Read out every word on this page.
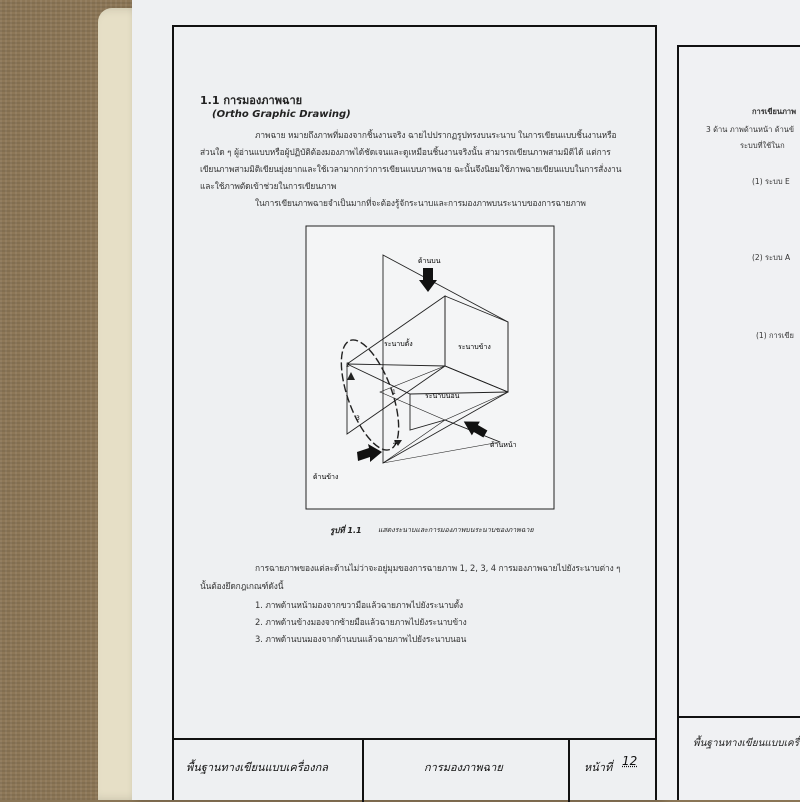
1.1 การมองภาพฉาย
(Ortho Graphic Drawing)
ภาพฉาย หมายถึงภาพที่มองจากชิ้นงานจริง ฉายไปปรากฏรูปทรงบนระนาบ ในการเขียนแบบชิ้นงานหรือ
ส่วนใด ๆ ผู้อ่านแบบหรือผู้ปฏิบัติต้องมองภาพได้ชัดเจนและดูเหมือนชิ้นงานจริงนั้น สามารถเขียนภาพสามมิติได้ แต่การ
เขียนภาพสามมิติเขียนยุ่งยากและใช้เวลามากกว่าการเขียนแบบภาพฉาย ฉะนั้นจึงนิยมใช้ภาพฉายเขียนแบบในการสั่งงาน
และใช้ภาพตัดเข้าช่วยในการเขียนภาพ
ในการเขียนภาพฉายจำเป็นมากที่จะต้องรู้จักระนาบและการมองภาพบนระนาบของการฉายภาพ
ด้านบน
ระนาบตั้ง	ระนาบข้าง
ระนาบนอน
ด้านหน้า
ด้านข้าง
2
1
3
4
รูปที่ 1.1 แสดงระนาบและการมองภาพบนระนาบของภาพฉาย
การฉายภาพของแต่ละด้านไม่ว่าจะอยู่มุมของการฉายภาพ 1, 2, 3, 4 การมองภาพฉายไปยังระนาบต่าง ๆ
นั้นต้องยึดกฎเกณฑ์ดังนี้
1. ภาพด้านหน้ามองจากขวามือแล้วฉายภาพไปยังระนาบตั้ง
2. ภาพด้านข้างมองจากซ้ายมือแล้วฉายภาพไปยังระนาบข้าง
3. ภาพด้านบนมองจากด้านบนแล้วฉายภาพไปยังระนาบนอน
พื้นฐานทางเขียนแบบเครื่องกล	การมองภาพฉาย	หน้าที่ 12
การเขียนภาพ
3 ด้าน ภาพด้านหน้า ด้านข้
ระบบที่ใช้ในก
(1) ระบบ E
(2) ระบบ A
(1) การเขีย
พื้นฐานทางเขียนแบบเครื่
